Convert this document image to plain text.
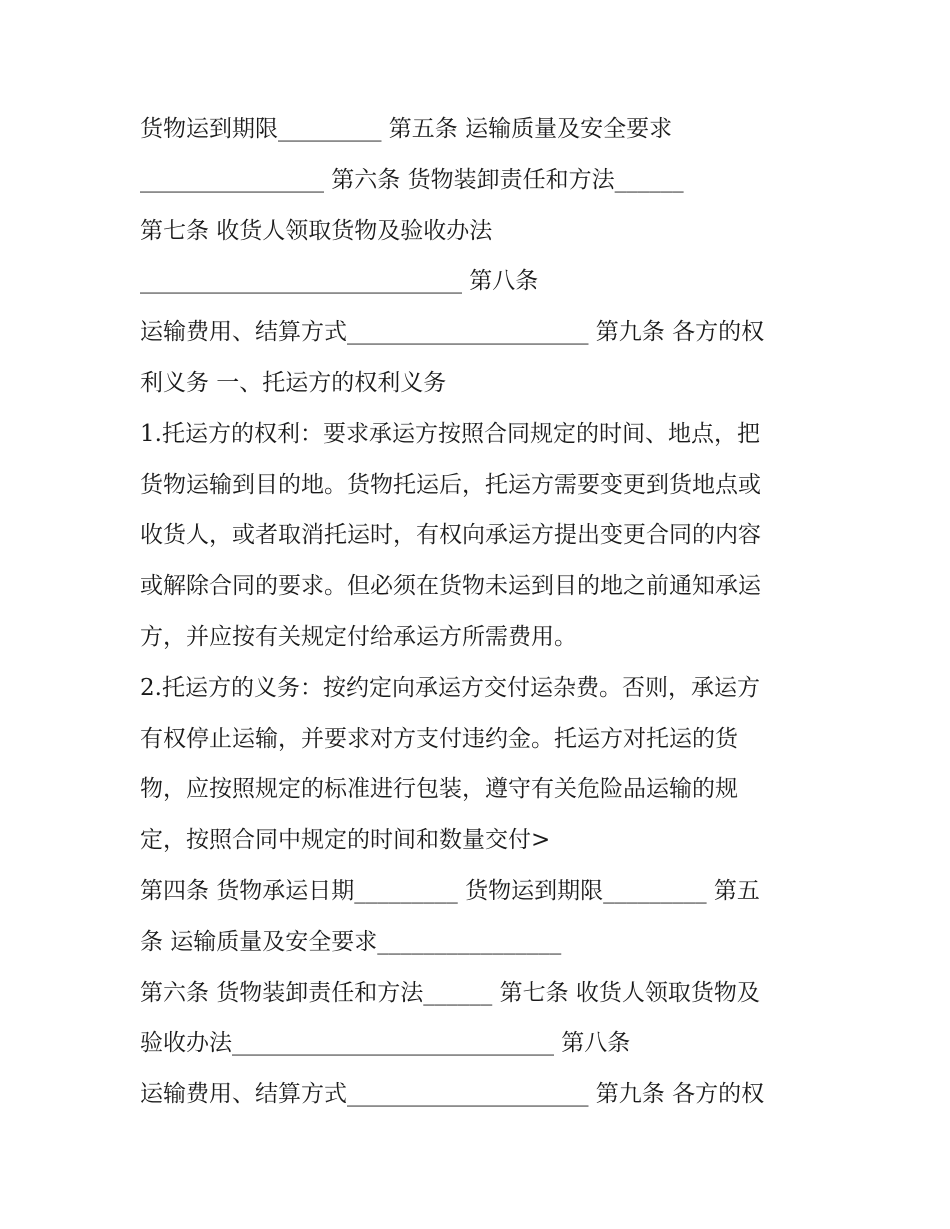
货物运到期限_________ 第五条 运输质量及安全要求
________________ 第六条 货物装卸责任和方法______
第七条 收货人领取货物及验收办法
____________________________ 第八条
运输费用、结算方式_____________________ 第九条 各方的权
利义务 一、托运方的权利义务
1.托运方的权利：要求承运方按照合同规定的时间、地点，把
货物运输到目的地。货物托运后，托运方需要变更到货地点或
收货人，或者取消托运时，有权向承运方提出变更合同的内容
或解除合同的要求。但必须在货物未运到目的地之前通知承运
方，并应按有关规定付给承运方所需费用。
2.托运方的义务：按约定向承运方交付运杂费。否则，承运方
有权停止运输，并要求对方支付违约金。托运方对托运的货
物，应按照规定的标准进行包装，遵守有关危险品运输的规
定，按照合同中规定的时间和数量交付>
第四条 货物承运日期_________ 货物运到期限_________ 第五
条 运输质量及安全要求________________
第六条 货物装卸责任和方法______ 第七条 收货人领取货物及
验收办法____________________________ 第八条
运输费用、结算方式_____________________ 第九条 各方的权
